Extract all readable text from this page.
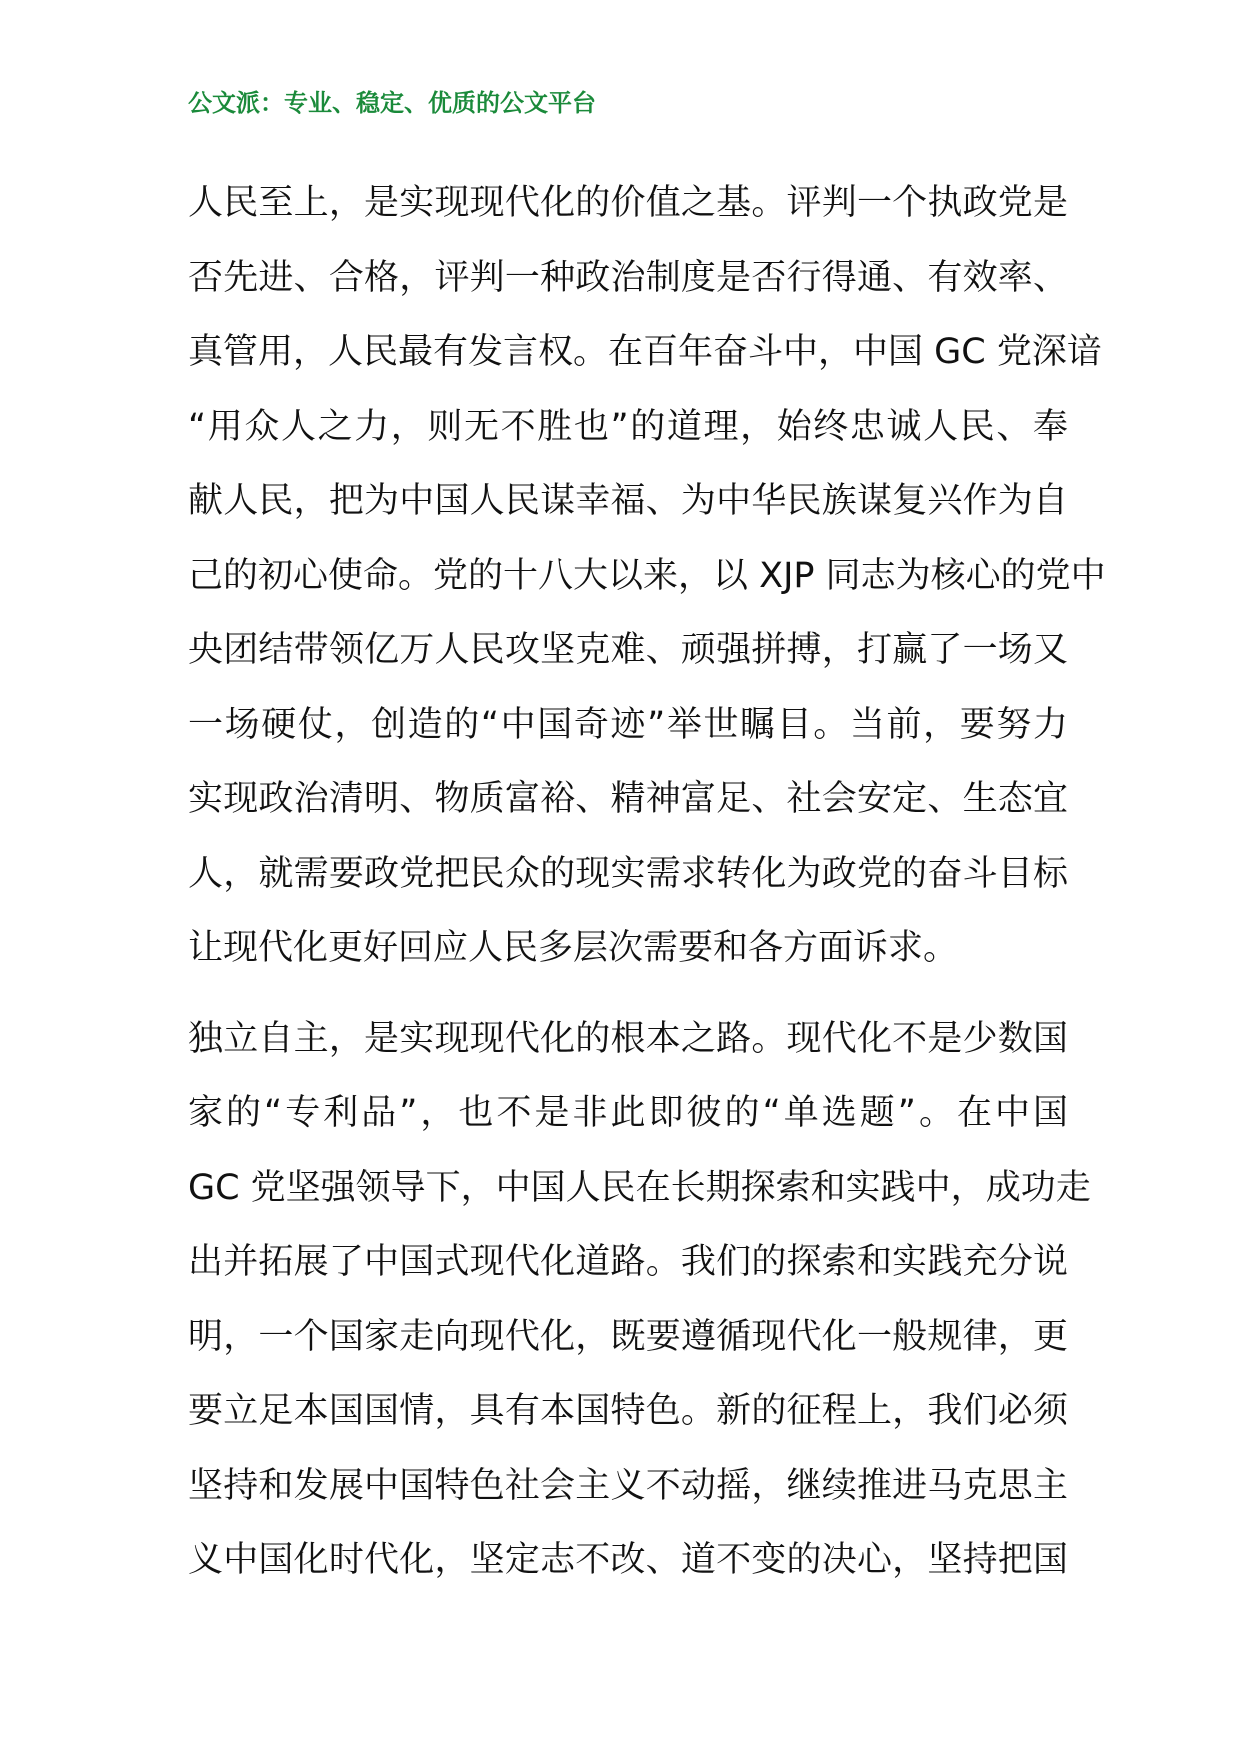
公文派：专业、稳定、优质的公文平台

人民至上，是实现现代化的价值之基。评判一个执政党是
否先进、合格，评判一种政治制度是否行得通、有效率、
真管用，人民最有发言权。在百年奋斗中，中国 GC 党深谙
“用众人之力，则无不胜也”的道理，始终忠诚人民、奉
献人民，把为中国人民谋幸福、为中华民族谋复兴作为自
己的初心使命。党的十八大以来，以 XJP 同志为核心的党中
央团结带领亿万人民攻坚克难、顽强拼搏，打赢了一场又
一场硬仗，创造的“中国奇迹”举世瞩目。当前，要努力
实现政治清明、物质富裕、精神富足、社会安定、生态宜
人，就需要政党把民众的现实需求转化为政党的奋斗目标
让现代化更好回应人民多层次需要和各方面诉求。

独立自主，是实现现代化的根本之路。现代化不是少数国
家的“专利品”，也不是非此即彼的“单选题”。在中国
GC 党坚强领导下，中国人民在长期探索和实践中，成功走
出并拓展了中国式现代化道路。我们的探索和实践充分说
明，一个国家走向现代化，既要遵循现代化一般规律，更
要立足本国国情，具有本国特色。新的征程上，我们必须
坚持和发展中国特色社会主义不动摇，继续推进马克思主
义中国化时代化，坚定志不改、道不变的决心，坚持把国
